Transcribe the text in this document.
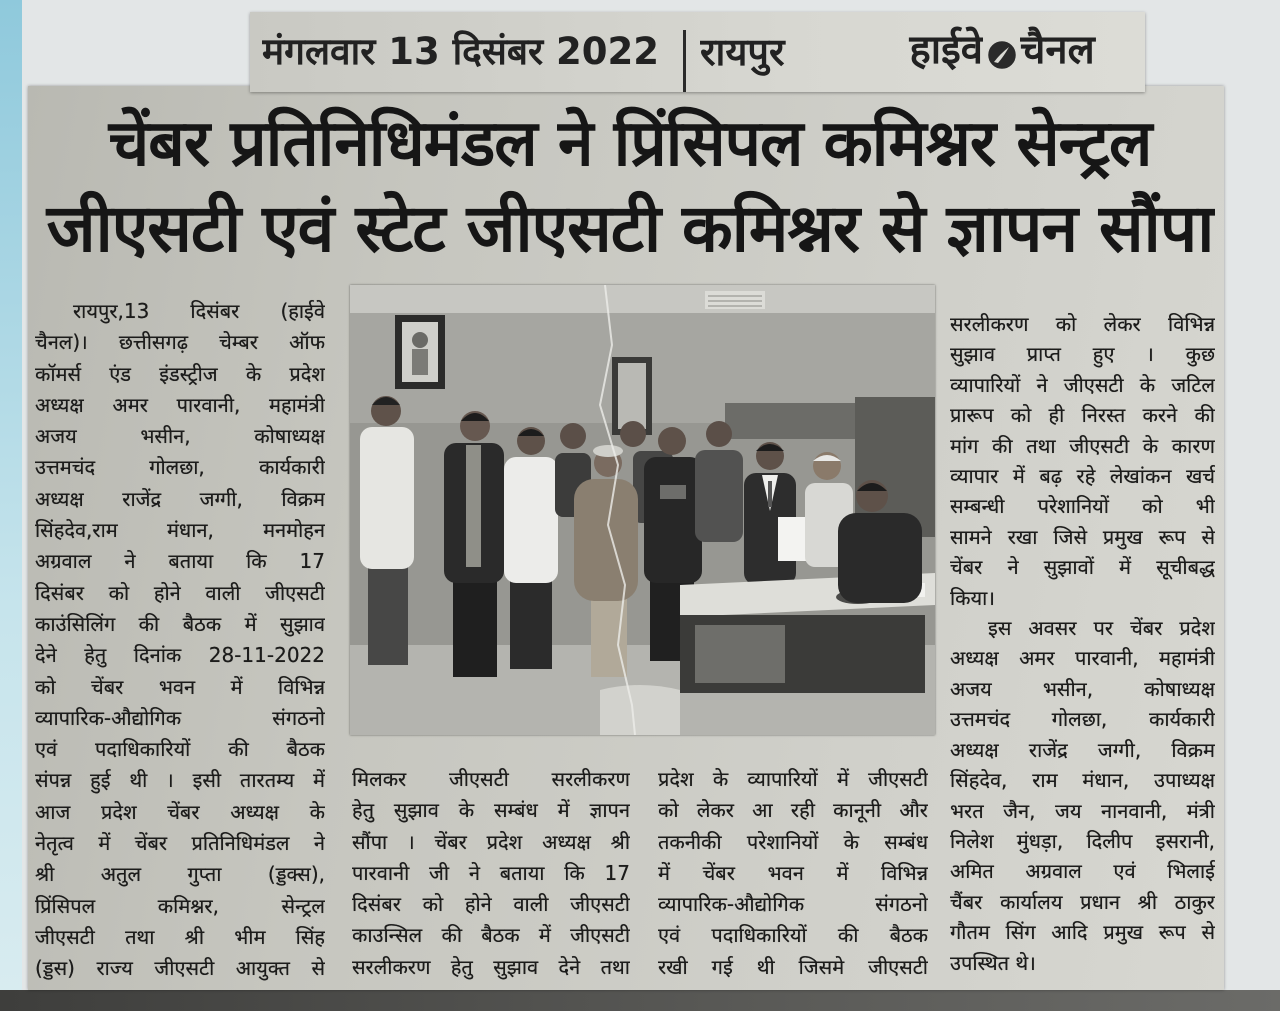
मंगलवार 13 दिसंबर 2022 रायपुर	हाईवे चैनल
चेंबर प्रतिनिधिमंडल ने प्रिंसिपल कमिश्नर सेन्ट्रल
जीएसटी एवं स्टेट जीएसटी कमिश्नर से ज्ञापन सौंपा
रायपुर,13 दिसंबर (हाईवे
चैनल)। छत्तीसगढ़ चेम्बर ऑफ
कॉमर्स एंड इंडस्ट्रीज के प्रदेश
अध्यक्ष अमर पारवानी, महामंत्री
अजय भसीन, कोषाध्यक्ष
उत्तमचंद गोलछा, कार्यकारी
अध्यक्ष राजेंद्र जग्गी, विक्रम
सिंहदेव,राम मंधान, मनमोहन
अग्रवाल ने बताया कि 17
दिसंबर को होने वाली जीएसटी
काउंसिलिंग की बैठक में सुझाव
देने हेतु दिनांक 28-11-2022
को चेंबर भवन में विभिन्न
व्यापारिक-औद्योगिक संगठनो
एवं पदाधिकारियों की बैठक
संपन्न हुई थी । इसी तारतम्य में
आज प्रदेश चेंबर अध्यक्ष के
नेतृत्व में चेंबर प्रतिनिधिमंडल ने
श्री अतुल गुप्ता (ड्डक्स),
प्रिंसिपल कमिश्नर, सेन्ट्रल
जीएसटी तथा श्री भीम सिंह
(ड्डस) राज्य जीएसटी आयुक्त से
मिलकर जीएसटी सरलीकरण
हेतु सुझाव के सम्बंध में ज्ञापन
सौंपा । चेंबर प्रदेश अध्यक्ष श्री
पारवानी जी ने बताया कि 17
दिसंबर को होने वाली जीएसटी
काउन्सिल की बैठक में जीएसटी
सरलीकरण हेतु सुझाव देने तथा
प्रदेश के व्यापारियों में जीएसटी
को लेकर आ रही कानूनी और
तकनीकी परेशानियों के सम्बंध
में चेंबर भवन में विभिन्न
व्यापारिक-औद्योगिक संगठनो
एवं पदाधिकारियों की बैठक
रखी गई थी जिसमे जीएसटी
सरलीकरण को लेकर विभिन्न
सुझाव प्राप्त हुए । कुछ
व्यापारियों ने जीएसटी के जटिल
प्रारूप को ही निरस्त करने की
मांग की तथा जीएसटी के कारण
व्यापार में बढ़ रहे लेखांकन खर्च
सम्बन्धी परेशानियों को भी
सामने रखा जिसे प्रमुख रूप से
चेंबर ने सुझावों में सूचीबद्ध
किया।
इस अवसर पर चेंबर प्रदेश
अध्यक्ष अमर पारवानी, महामंत्री
अजय भसीन, कोषाध्यक्ष
उत्तमचंद गोलछा, कार्यकारी
अध्यक्ष राजेंद्र जग्गी, विक्रम
सिंहदेव, राम मंधान, उपाध्यक्ष
भरत जैन, जय नानवानी, मंत्री
निलेश मुंधड़ा, दिलीप इसरानी,
अमित अग्रवाल एवं भिलाई
चैंबर कार्यालय प्रधान श्री ठाकुर
गौतम सिंग आदि प्रमुख रूप से
उपस्थित थे।
